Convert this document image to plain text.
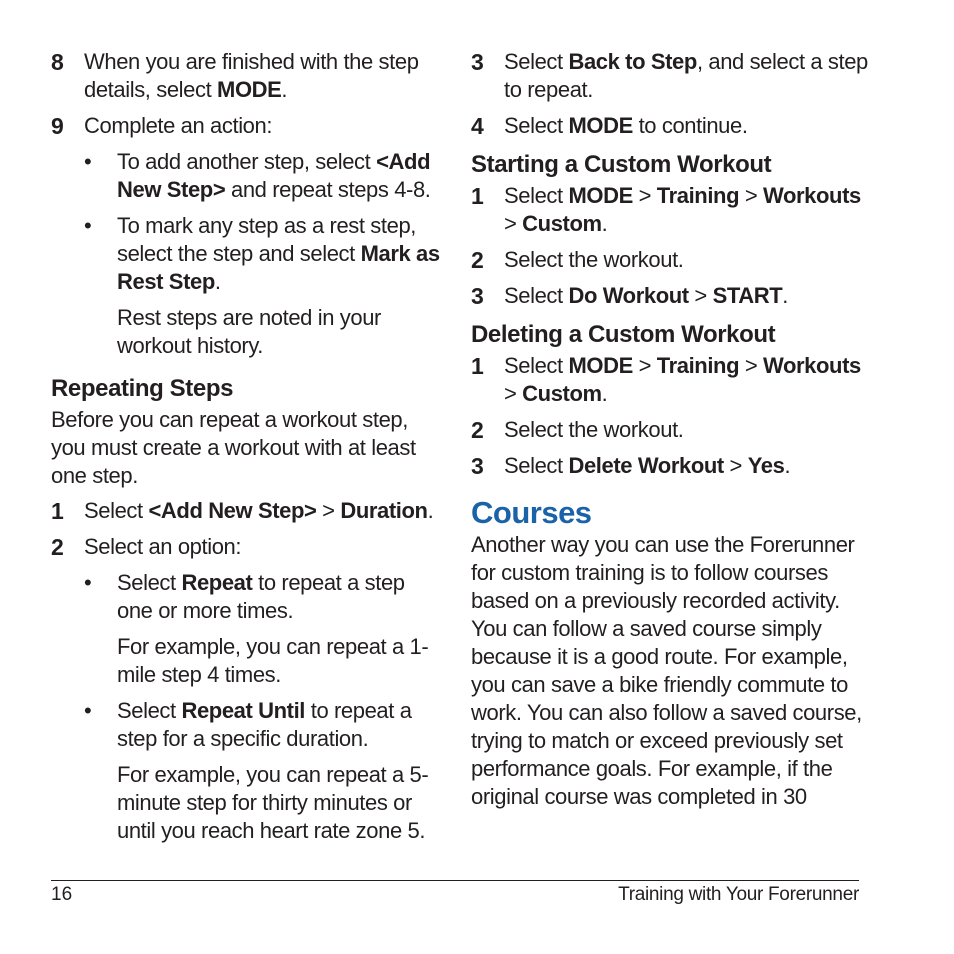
8 When you are finished with the step details, select MODE.
9 Complete an action:
• To add another step, select <Add New Step> and repeat steps 4-8.
• To mark any step as a rest step, select the step and select Mark as Rest Step.
Rest steps are noted in your workout history.
Repeating Steps
Before you can repeat a workout step, you must create a workout with at least one step.
1 Select <Add New Step> > Duration.
2 Select an option:
• Select Repeat to repeat a step one or more times.
For example, you can repeat a 1-mile step 4 times.
• Select Repeat Until to repeat a step for a specific duration.
For example, you can repeat a 5-minute step for thirty minutes or until you reach heart rate zone 5.
3 Select Back to Step, and select a step to repeat.
4 Select MODE to continue.
Starting a Custom Workout
1 Select MODE > Training > Workouts > Custom.
2 Select the workout.
3 Select Do Workout > START.
Deleting a Custom Workout
1 Select MODE > Training > Workouts > Custom.
2 Select the workout.
3 Select Delete Workout > Yes.
Courses
Another way you can use the Forerunner for custom training is to follow courses based on a previously recorded activity. You can follow a saved course simply because it is a good route. For example, you can save a bike friendly commute to work. You can also follow a saved course, trying to match or exceed previously set performance goals. For example, if the original course was completed in 30
16	Training with Your Forerunner
